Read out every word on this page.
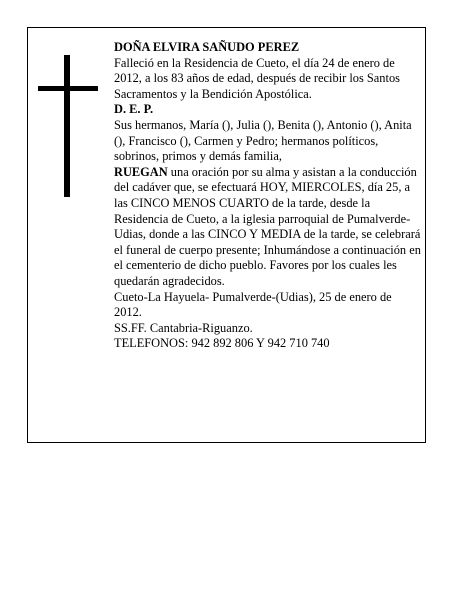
DOÑA ELVIRA SAÑUDO PEREZ

Falleció en la Residencia de Cueto, el día 24 de enero de 2012, a los 83 años de edad, después de recibir los Santos Sacramentos y la Bendición Apostólica.

D. E. P.

Sus hermanos, María (), Julia (), Benita (), Antonio (), Anita (), Francisco (), Carmen y Pedro; hermanos políticos, sobrinos, primos y demás familia,

RUEGAN una oración por su alma y asistan a la conducción del cadáver que, se efectuará HOY, MIERCOLES, día 25, a las CINCO MENOS CUARTO de la tarde, desde la Residencia de Cueto, a la iglesia parroquial de Pumalverde-Udias, donde a las CINCO Y MEDIA de la tarde, se celebrará el funeral de cuerpo presente; Inhumándose a continuación en el cementerio de dicho pueblo. Favores por los cuales les quedarán agradecidos.

Cueto-La Hayuela- Pumalverde-(Udias), 25 de enero de 2012.

SS.FF. Cantabria-Riguanzo.

TELEFONOS: 942 892 806 Y 942 710 740
